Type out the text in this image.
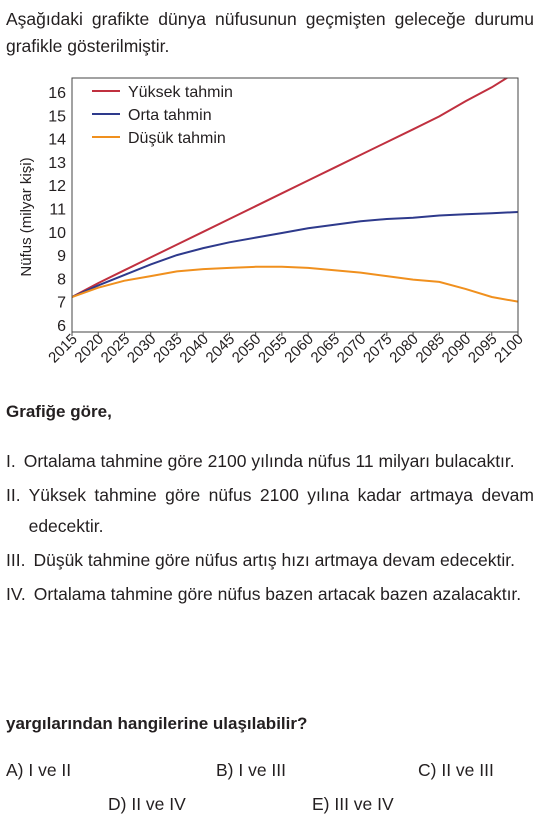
Aşağıdaki grafikte dünya nüfusunun geçmişten geleceğe durumu grafikle gösterilmiştir.
Nüfus (milyar kişi)
6
7
8
9
10
11
12
13
14
15
16
2015
2020
2025
2030
2035
2040
2045
2050
2055
2060
2065
2070
2075
2080
2085
2090
2095
2100
Yüksek tahmin
Orta tahmin
Düşük tahmin
Grafiğe göre,
I. Ortalama tahmine göre 2100 yılında nüfus 11 milyarı bulacaktır.
II. Yüksek tahmine göre nüfus 2100 yılına kadar artmaya devam edecektir.
III. Düşük tahmine göre nüfus artış hızı artmaya devam edecektir.
IV. Ortalama tahmine göre nüfus bazen artacak bazen azalacaktır.
yargılarından hangilerine ulaşılabilir?
A) I ve II	B) I ve III	C) II ve III
D) II ve IV	E) III ve IV
